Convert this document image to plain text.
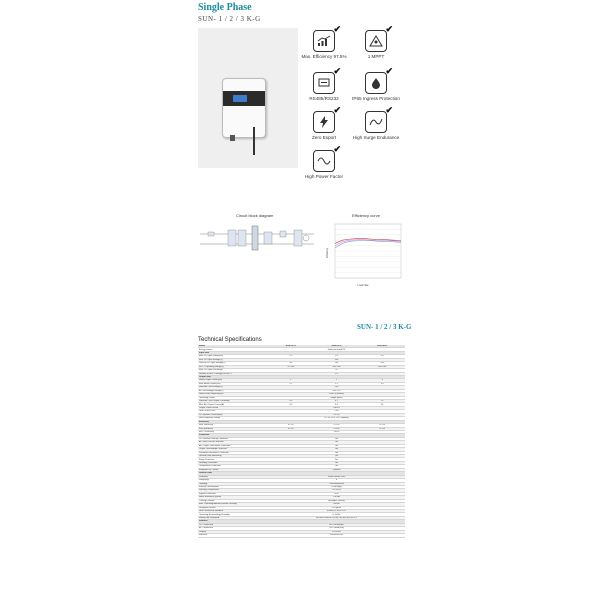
Single Phase
SUN- 1 / 2 / 3 K-G
✔
Max. Efficiency 97.5%
✔
1 MPPT
✔
RS485/RS232
✔
IP65 Ingress Protection
✔
Zero Export
✔
High Surge Endurance
✔
High Power Factor
Circuit block diagram	Efficiency curve
Load rate
Efficiency
SUN- 1 / 2 / 3 K-G
Technical Specifications
Model	SUN-1K-G	SUN-2K-G	SUN-3K-G
Energy source	Grid-connected PV		
Input Side			
Max. DC Input Power(kW)	1.3	2.6	3.9
Max. DC Input Voltage(V)	500		
Start-up DC Input Voltage(V)	80	100	120
MPPT Operating Range(V)	70~500	100~500	100~500
Max. DC Input Current(A)	11		
Number of MPPT/Strings per MPPT	1/1		
Output Side			
Rated Output Power(kW)	1	2	3
Max. Active Power(kW)	1.1	2.2	3.3
Rated AC Grid Voltage(V)	230		
AC Grid Voltage Range(V)	180~270		
Rated Grid Frequency(Hz)	50/60 (Optional)		
Operating Phase	Single phase		
Rated AC Grid Output Current(A)	4.3	8.7	13
Max. AC Output Current(A)	4.9	9.6	14
Output Power Factor	0.8/0.8		
Grid Current THD	<3%		
DC Injection Current(mA)	<0.5%		
Grid Frequency Range	47~52 or 57~62 (Optional)		
Efficiency			
Max. Efficiency	97.5%	97.5%	97.5%
Euro Efficiency	97.0%	97.0%	97.0%
MPPT Efficiency	>99%		
Protection			
DC Reverse-Polarity Protection	Yes		
AC Short Circuit Protection	Yes		
AC Output Overcurrent Protection	Yes		
Output Overvoltage Protection	Yes		
Insulation Resistance Protection	Yes		
Ground Fault Monitoring	Yes		
Surge Protection	Yes		
Islanding Protection	Yes		
Temperature Protection	Yes		
Integrated DC Switch	Optional		
General Data			
Size(mm)	330W×306H×114D		
Weight(kg)	6		
Topology	Transformerless		
Internal Consumption	<1W(Night)		
Running Temperature	-25~60℃		
Ingress Protection	IP65		
Noise Emission(Typical)	<30 dB		
Cooling Concept	Intelligent cooling		
Max. Operating Altitude Without Derating	2000m		
Designed Lifetime	>20 years		
Grid Connection Standard	VDE4105, IEC61727		
Operating Surroundings Humidity	0~100%		
Safety EMC/Standard	IEC/EN 61000-6-1/2/3/4, IEC/EN 62109-1/-2		
Features			
DC Connection	MC-4 mateable		
AC Connection	IP67 rated plug		
Display	LCD1602		
Interface	RS485/RS232		
